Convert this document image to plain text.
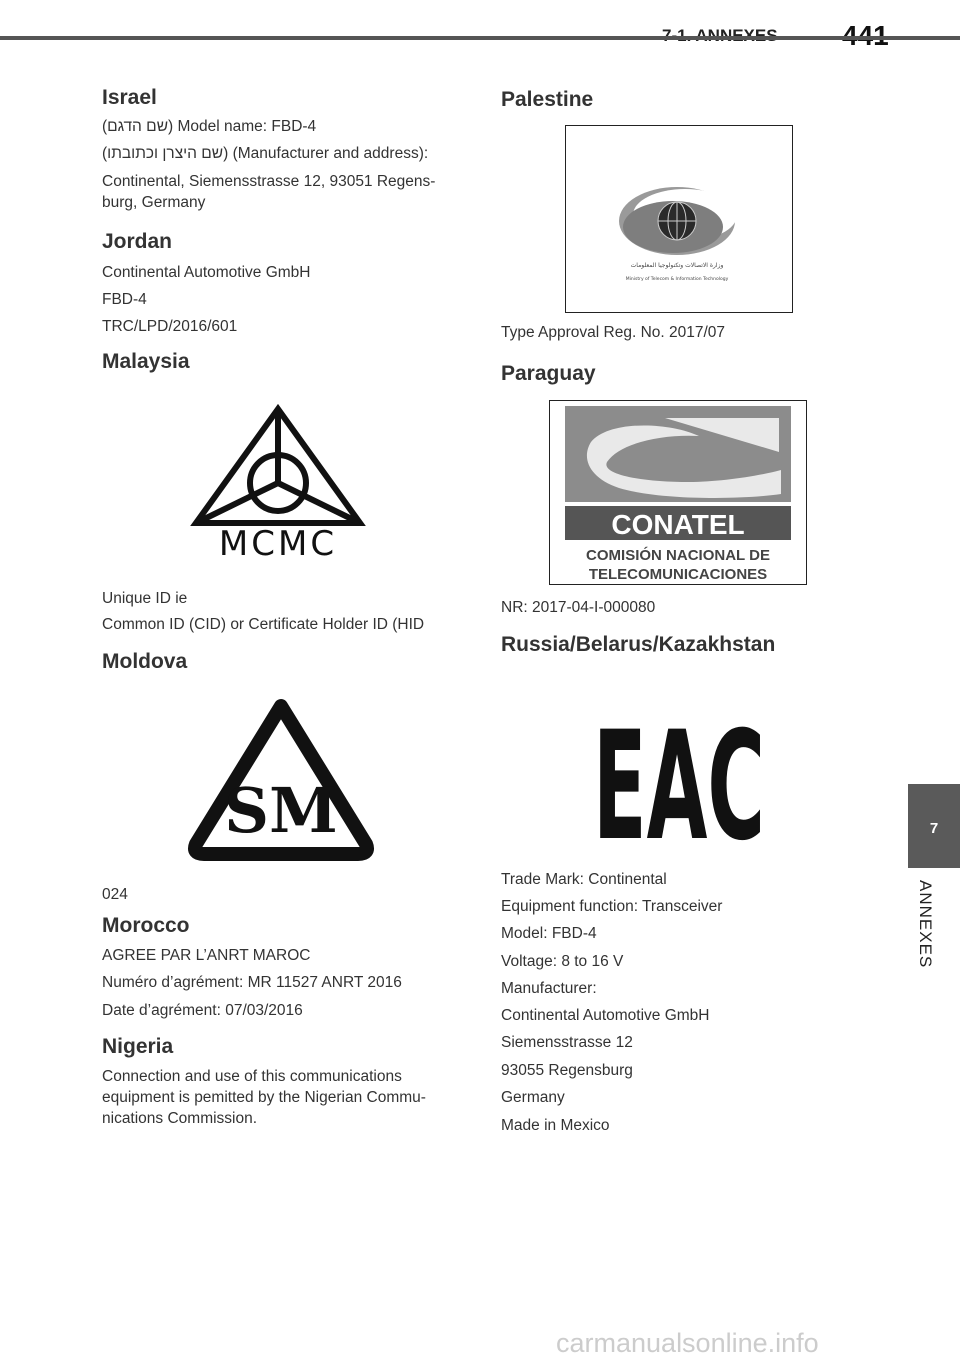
Israel

(שם הדגם) Model name: FBD-4

(שם היצרן וכתובתו) (Manufacturer and address):

Continental, Siemensstrasse 12, 93051 Regens-burg, Germany

Jordan

Continental Automotive GmbH

FBD-4

TRC/LPD/2016/601

Malaysia
MCMC

Unique ID ie

Common ID (CID) or Certificate Holder ID (HID

Moldova
SM

024

Morocco

AGREE PAR L’ANRT MAROC

Numéro d’agrément: MR 11527 ANRT 2016

Date d’agrément: 07/03/2016

Nigeria

Connection and use of this communications equipment is pemitted by the Nigerian Commu-nications Commission.

Palestine
وزارة الاتصالات وتكنولوجيا المعلومات
Ministry of Telecom & Information Technology

Type Approval Reg. No. 2017/07

Paraguay
CONATEL
COMISIÓN NACIONAL DE
TELECOMUNICACIONES

NR: 2017-04-I-000080

Russia/Belarus/Kazakhstan
EAC

Trade Mark: Continental

Equipment function: Transceiver

Model: FBD-4

Voltage: 8 to 16 V

Manufacturer:

Continental Automotive GmbH

Siemensstrasse 12

93055 Regensburg

Germany

Made in Mexico

7
ANNEXES
carmanualsonline.info
